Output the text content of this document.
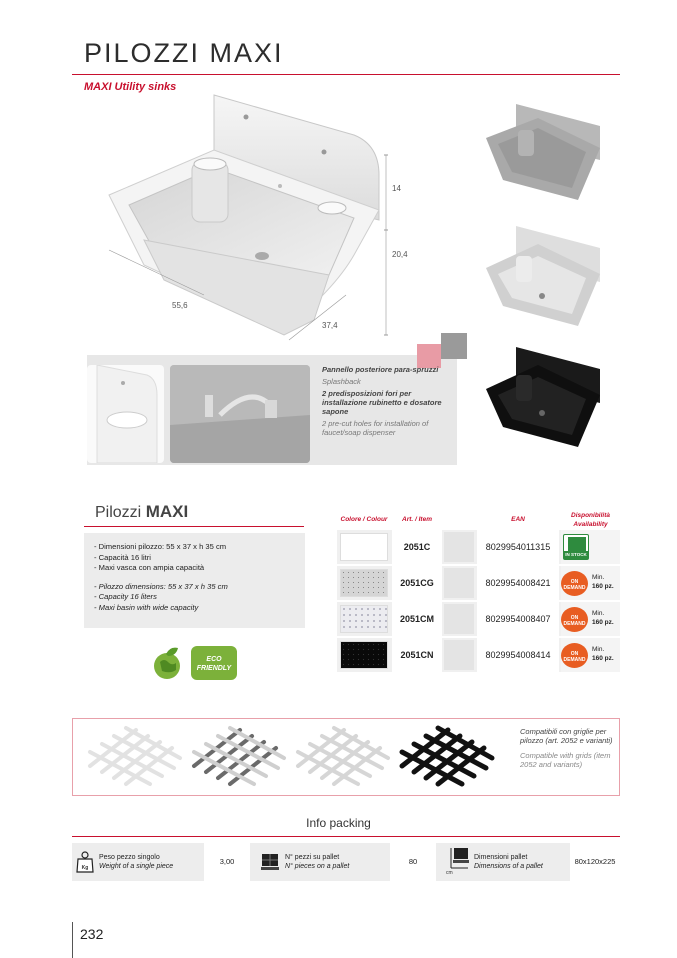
PILOZZI MAXI
MAXI Utility sinks
14
20,4
55,6
37,4
Pannello posteriore para-spruzzi
Splashback
2 predisposizioni fori per installazione rubinetto e dosatore sapone
2 pre-cut holes for installation of faucet/soap dispenser
Pilozzi MAXI
- Dimensioni pilozzo: 55 x 37 x h 35 cm
- Capacità 16 litri
- Maxi vasca con ampia capacità
- Pilozzo dimensions: 55 x 37 x h 35 cm
- Capacity 16 liters
- Maxi basin with wide capacity
ECO
FRIENDLY
Colore / Colour	Art. / Item	EAN
Disponibilità
Availability
2051C	8029954011315
IN STOCK
2051CG	8029954008421	ON
DEMAND
Min.
160 pz.
2051CM	8029954008407	ON
DEMAND
Min.
160 pz.
2051CN	8029954008414	ON
DEMAND
Min.
160 pz.
Compatibili con griglie per pilozzo (art. 2052 e varianti)
Compatible with grids (item 2052 and variants)
Info packing
Kg
Peso pezzo singolo
Weight of a single piece
3,00	N° pezzi su pallet
N° pieces on a pallet
80
cm
Dimensioni pallet
Dimensions of a pallet
80x120x225
232
